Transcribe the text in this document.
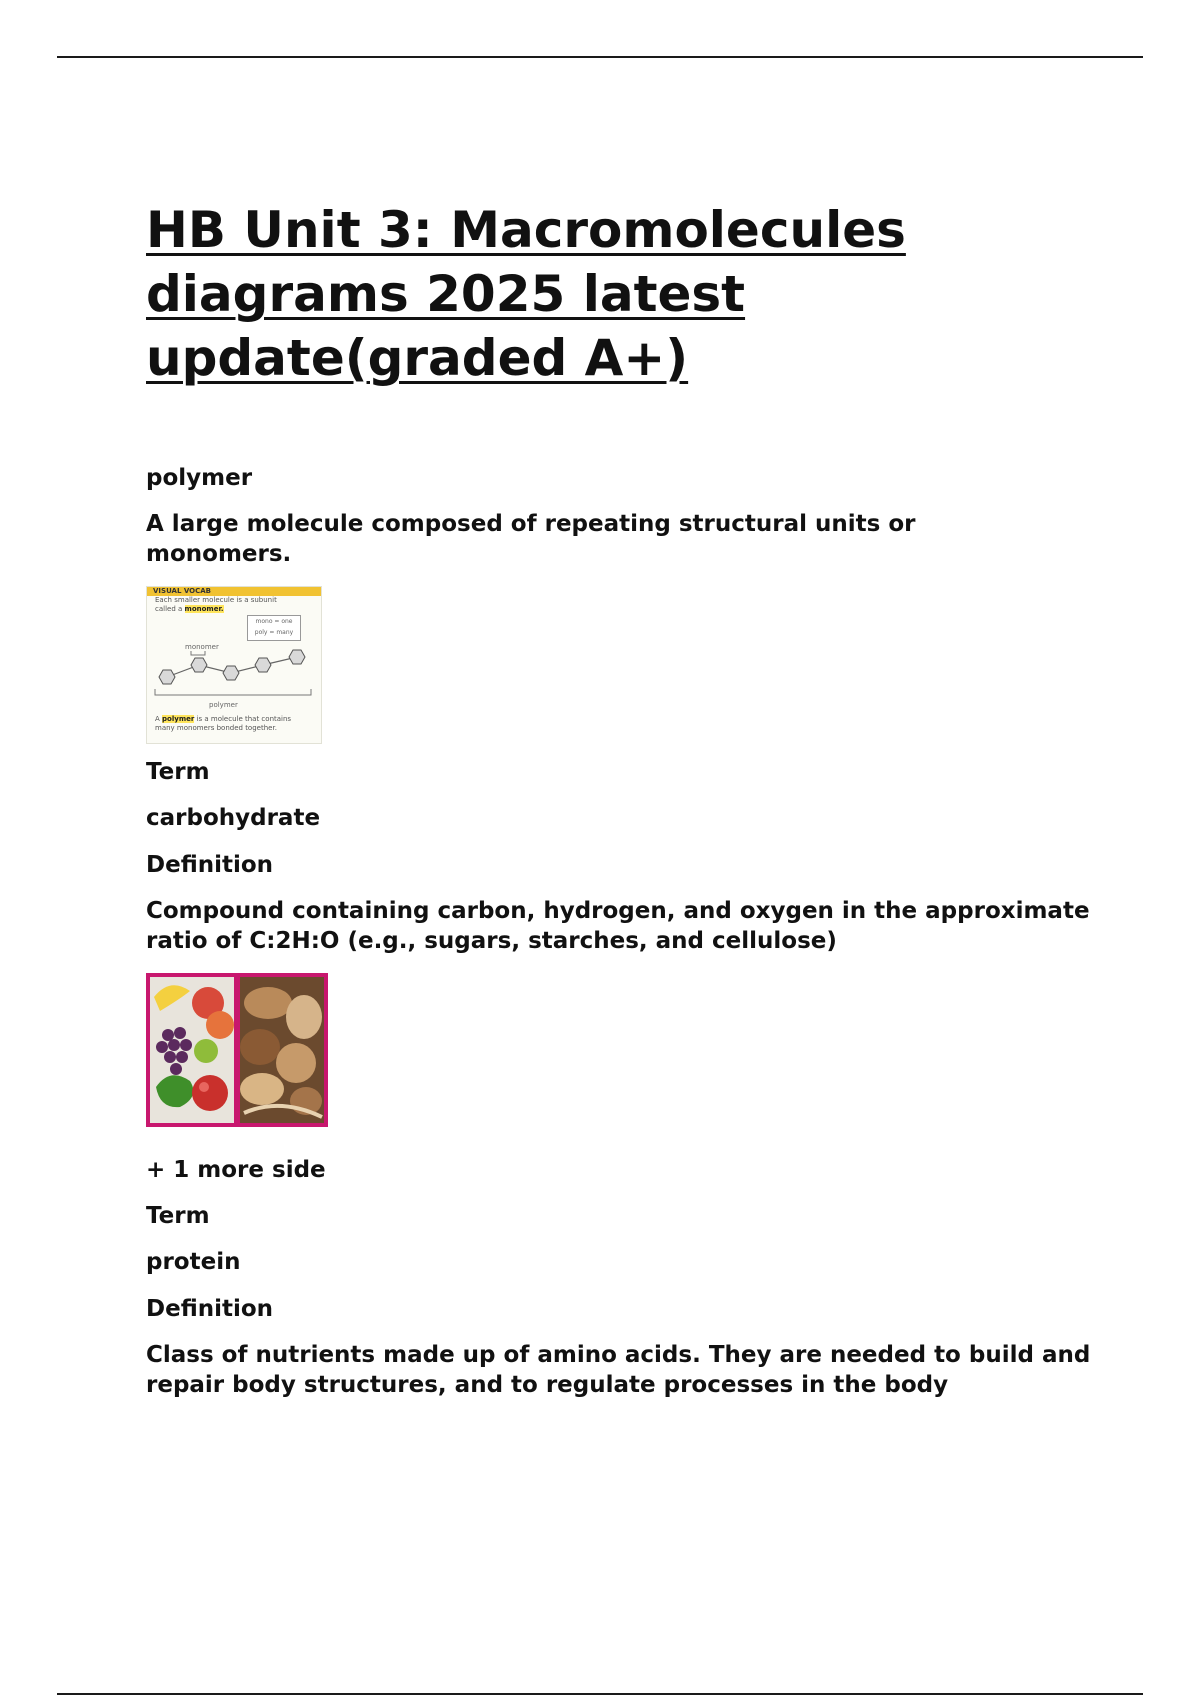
HB Unit 3: Macromolecules diagrams 2025 latest update(graded A+)
polymer
A large molecule composed of repeating structural units or monomers.
VISUAL VOCAB
Each smaller molecule is a subunit
called a monomer.
mono = one
poly = many
monomer
polymer
A polymer is a molecule that contains
many monomers bonded together.
Term
carbohydrate
Definition
Compound containing carbon, hydrogen, and oxygen in the approximate ratio of C:2H:O (e.g., sugars, starches, and cellulose)
+ 1 more side
Term
protein
Definition
Class of nutrients made up of amino acids. They are needed to build and repair body structures, and to regulate processes in the body
